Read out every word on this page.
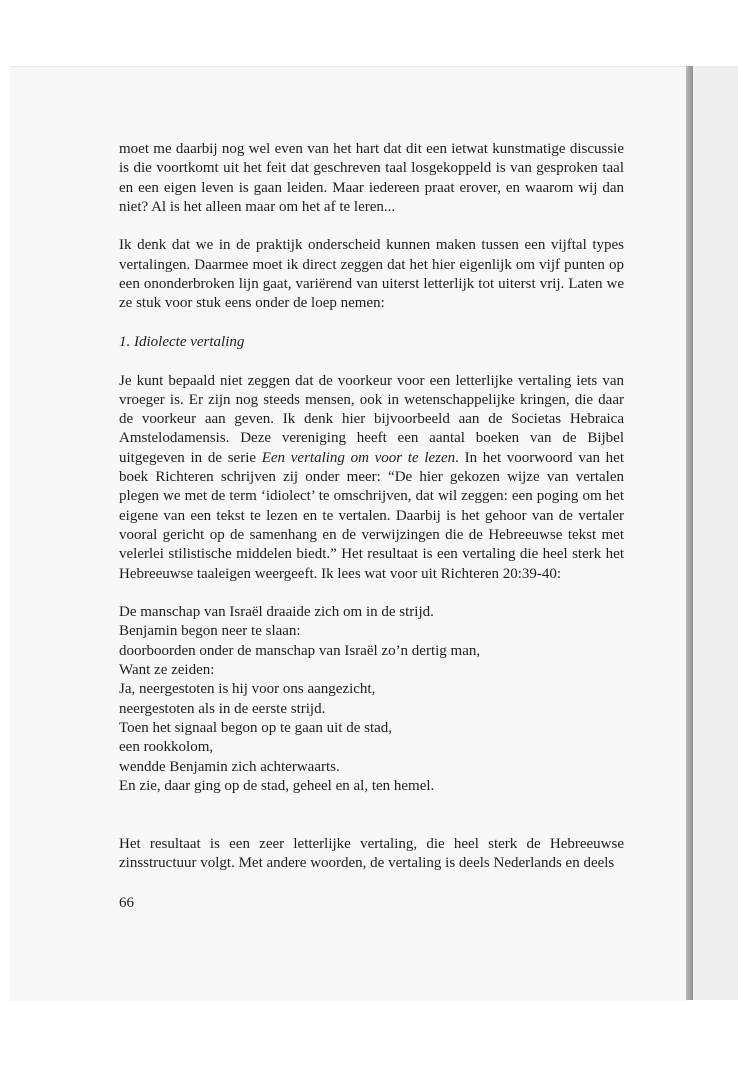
moet me daarbij nog wel even van het hart dat dit een ietwat kunstmatige discussie is die voortkomt uit het feit dat geschreven taal losgekoppeld is van gesproken taal en een eigen leven is gaan leiden. Maar iedereen praat erover, en waarom wij dan niet? Al is het alleen maar om het af te leren...

Ik denk dat we in de praktijk onderscheid kunnen maken tussen een vijftal types vertalingen. Daarmee moet ik direct zeggen dat het hier eigenlijk om vijf punten op een ononderbroken lijn gaat, variërend van uiterst letterlijk tot uiterst vrij. Laten we ze stuk voor stuk eens onder de loep nemen:

1. Idiolecte vertaling

Je kunt bepaald niet zeggen dat de voorkeur voor een letterlijke vertaling iets van vroeger is. Er zijn nog steeds mensen, ook in wetenschappelijke kringen, die daar de voorkeur aan geven. Ik denk hier bijvoorbeeld aan de Societas Hebraica Amstelodamensis. Deze vereniging heeft een aantal boeken van de Bijbel uitgegeven in de serie Een vertaling om voor te lezen. In het voorwoord van het boek Richteren schrijven zij onder meer: “De hier gekozen wijze van vertalen plegen we met de term ‘idiolect’ te omschrijven, dat wil zeggen: een poging om het eigene van een tekst te lezen en te vertalen. Daarbij is het gehoor van de vertaler vooral gericht op de samenhang en de verwijzingen die de Hebreeuwse tekst met velerlei stilistische middelen biedt.” Het resultaat is een vertaling die heel sterk het Hebreeuwse taaleigen weergeeft. Ik lees wat voor uit Richteren 20:39-40:

De manschap van Israël draaide zich om in de strijd.
Benjamin begon neer te slaan:
doorboorden onder de manschap van Israël zo’n dertig man,
Want ze zeiden:
Ja, neergestoten is hij voor ons aangezicht,
neergestoten als in de eerste strijd.
Toen het signaal begon op te gaan uit de stad,
een rookkolom,
wendde Benjamin zich achterwaarts.
En zie, daar ging op de stad, geheel en al, ten hemel.

Het resultaat is een zeer letterlijke vertaling, die heel sterk de Hebreeuwse zinsstructuur volgt. Met andere woorden, de vertaling is deels Nederlands en deels

66
